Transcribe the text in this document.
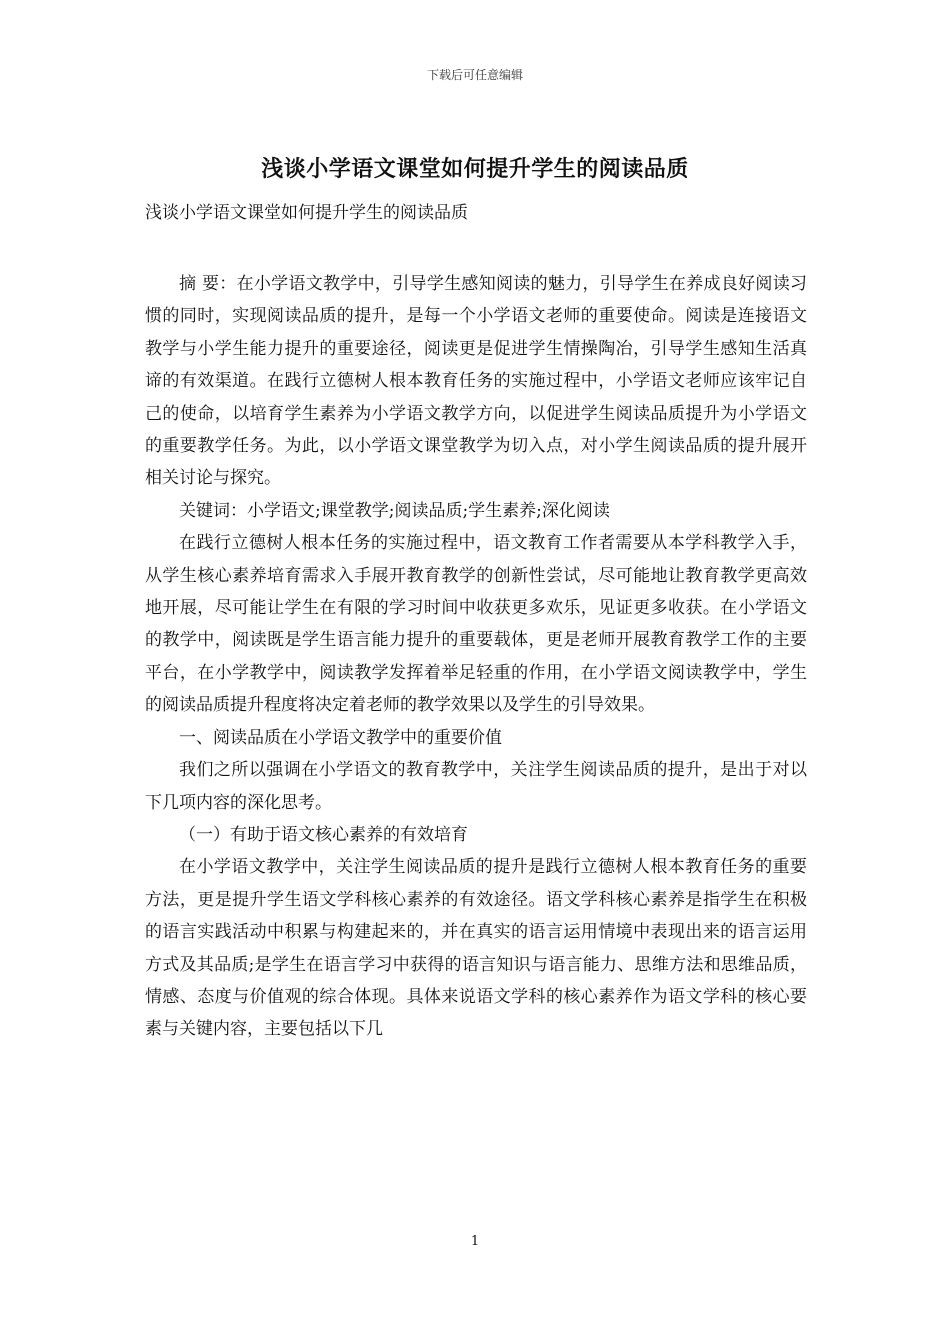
下载后可任意编辑
浅谈小学语文课堂如何提升学生的阅读品质

浅谈小学语文课堂如何提升学生的阅读品质

摘 要：在小学语文教学中，引导学生感知阅读的魅力，引导学生在养成良好阅读习惯的同时，实现阅读品质的提升，是每一个小学语文老师的重要使命。阅读是连接语文教学与小学生能力提升的重要途径，阅读更是促进学生情操陶冶，引导学生感知生活真谛的有效渠道。在践行立德树人根本教育任务的实施过程中，小学语文老师应该牢记自己的使命，以培育学生素养为小学语文教学方向，以促进学生阅读品质提升为小学语文的重要教学任务。为此，以小学语文课堂教学为切入点，对小学生阅读品质的提升展开相关讨论与探究。

关键词：小学语文;课堂教学;阅读品质;学生素养;深化阅读

在践行立德树人根本任务的实施过程中，语文教育工作者需要从本学科教学入手，从学生核心素养培育需求入手展开教育教学的创新性尝试，尽可能地让教育教学更高效地开展，尽可能让学生在有限的学习时间中收获更多欢乐，见证更多收获。在小学语文的教学中，阅读既是学生语言能力提升的重要载体，更是老师开展教育教学工作的主要平台，在小学教学中，阅读教学发挥着举足轻重的作用，在小学语文阅读教学中，学生的阅读品质提升程度将决定着老师的教学效果以及学生的引导效果。

一、阅读品质在小学语文教学中的重要价值

我们之所以强调在小学语文的教育教学中，关注学生阅读品质的提升，是出于对以下几项内容的深化思考。

（一）有助于语文核心素养的有效培育

在小学语文教学中，关注学生阅读品质的提升是践行立德树人根本教育任务的重要方法，更是提升学生语文学科核心素养的有效途径。语文学科核心素养是指学生在积极的语言实践活动中积累与构建起来的，并在真实的语言运用情境中表现出来的语言运用方式及其品质;是学生在语言学习中获得的语言知识与语言能力、思维方法和思维品质，情感、态度与价值观的综合体现。具体来说语文学科的核心素养作为语文学科的核心要素与关键内容，主要包括以下几

1
